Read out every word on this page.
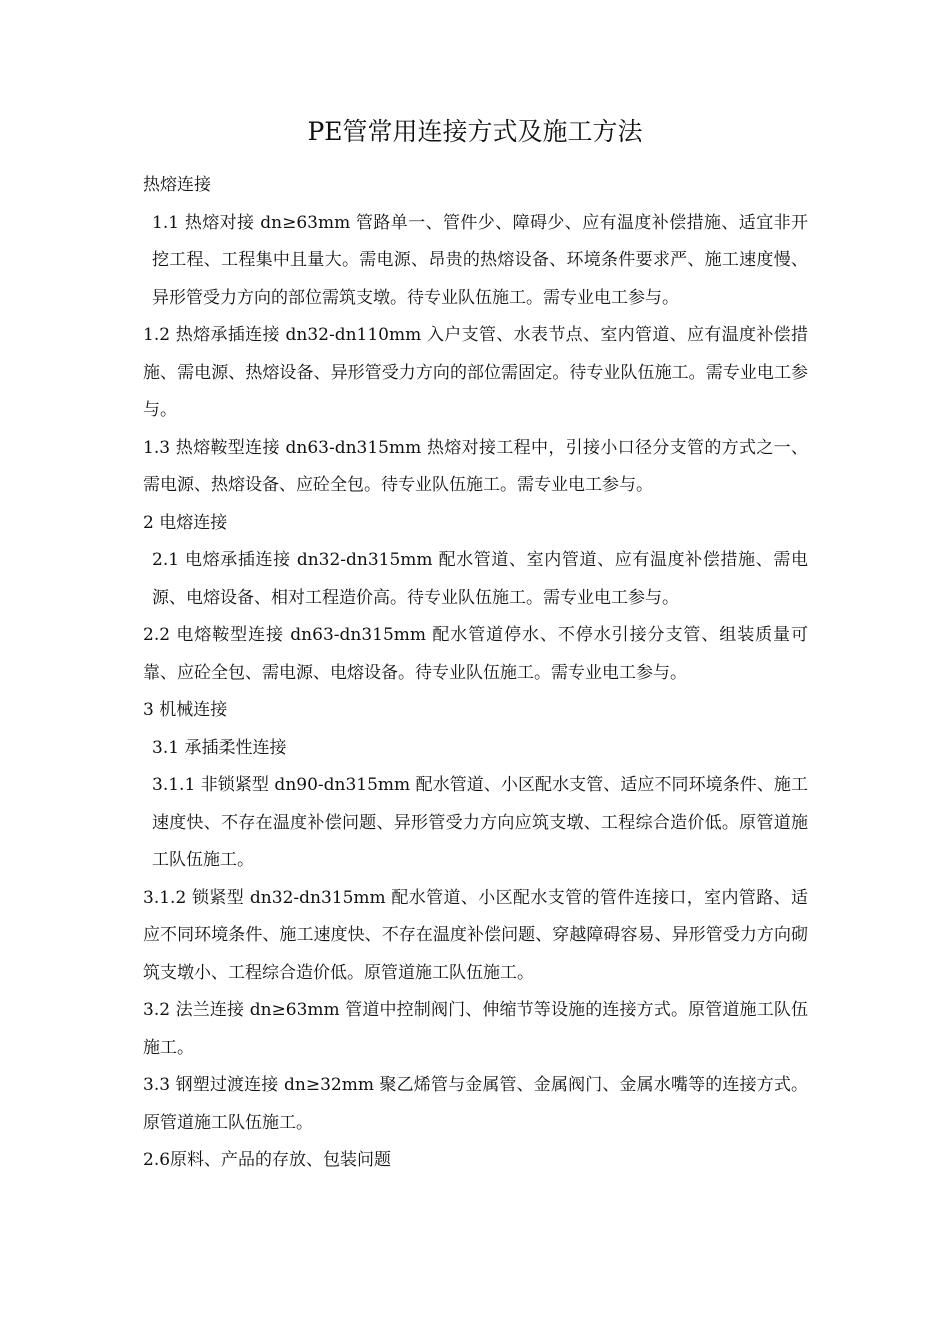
PE管常用连接方式及施工方法

热熔连接

1.1 热熔对接 dn≥63mm 管路单一、管件少、障碍少、应有温度补偿措施、适宜非开挖工程、工程集中且量大。需电源、昂贵的热熔设备、环境条件要求严、施工速度慢、异形管受力方向的部位需筑支墩。待专业队伍施工。需专业电工参与。

1.2 热熔承插连接 dn32-dn110mm 入户支管、水表节点、室内管道、应有温度补偿措施、需电源、热熔设备、异形管受力方向的部位需固定。待专业队伍施工。需专业电工参与。

1.3 热熔鞍型连接 dn63-dn315mm 热熔对接工程中，引接小口径分支管的方式之一、需电源、热熔设备、应砼全包。待专业队伍施工。需专业电工参与。

2 电熔连接

2.1 电熔承插连接 dn32-dn315mm 配水管道、室内管道、应有温度补偿措施、需电源、电熔设备、相对工程造价高。待专业队伍施工。需专业电工参与。

2.2 电熔鞍型连接 dn63-dn315mm 配水管道停水、不停水引接分支管、组装质量可靠、应砼全包、需电源、电熔设备。待专业队伍施工。需专业电工参与。

3 机械连接

3.1 承插柔性连接

3.1.1 非锁紧型 dn90-dn315mm 配水管道、小区配水支管、适应不同环境条件、施工速度快、不存在温度补偿问题、异形管受力方向应筑支墩、工程综合造价低。原管道施工队伍施工。

3.1.2 锁紧型 dn32-dn315mm 配水管道、小区配水支管的管件连接口，室内管路、适应不同环境条件、施工速度快、不存在温度补偿问题、穿越障碍容易、异形管受力方向砌筑支墩小、工程综合造价低。原管道施工队伍施工。

3.2 法兰连接 dn≥63mm 管道中控制阀门、伸缩节等设施的连接方式。原管道施工队伍施工。

3.3 钢塑过渡连接 dn≥32mm 聚乙烯管与金属管、金属阀门、金属水嘴等的连接方式。原管道施工队伍施工。

2.6原料、产品的存放、包装问题
